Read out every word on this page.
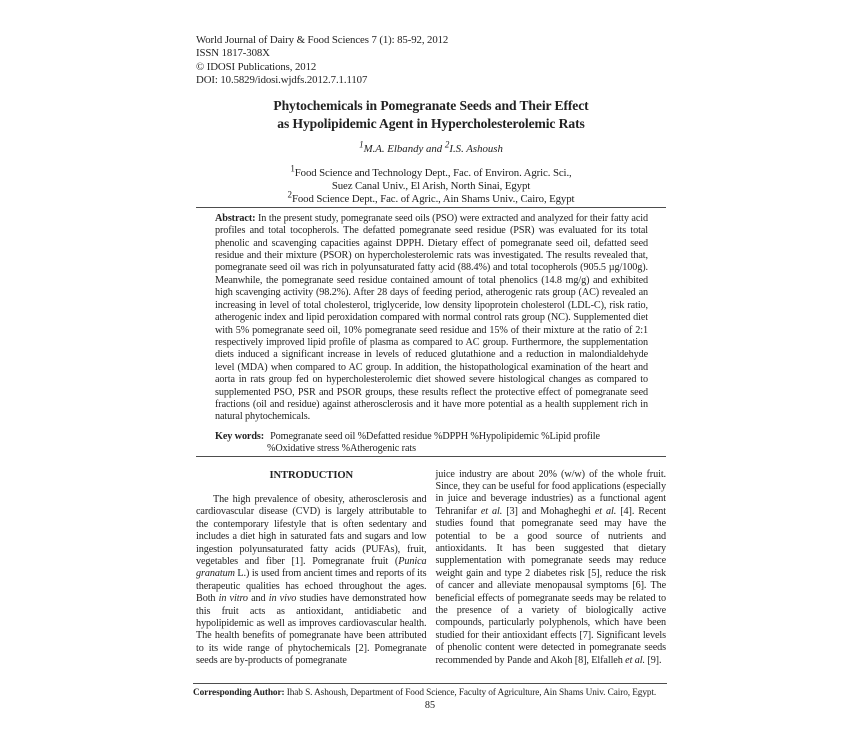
World Journal of Dairy & Food Sciences 7 (1): 85-92, 2012
ISSN 1817-308X
© IDOSI Publications, 2012
DOI: 10.5829/idosi.wjdfs.2012.7.1.1107
Phytochemicals in Pomegranate Seeds and Their Effect
as Hypolipidemic Agent in Hypercholesterolemic Rats
$^1$M.A. Elbandy and $^2$I.S. Ashoush
$^1$Food Science and Technology Dept., Fac. of Environ. Agric. Sci.,
Suez Canal Univ., El Arish, North Sinai, Egypt
$^2$Food Science Dept., Fac. of Agric., Ain Shams Univ., Cairo, Egypt

Abstract: In the present study, pomegranate seed oils (PSO) were extracted and analyzed for their fatty acid profiles and total tocopherols. The defatted pomegranate seed residue (PSR) was evaluated for its total phenolic and scavenging capacities against DPPH. Dietary effect of pomegranate seed oil, defatted seed residue and their mixture (PSOR) on hypercholesterolemic rats was investigated. The results revealed that, pomegranate seed oil was rich in polyunsaturated fatty acid (88.4%) and total tocopherols (905.5 µg/100g). Meanwhile, the pomegranate seed residue contained amount of total phenolics (14.8 mg/g) and exhibited high scavenging activity (98.2%). After 28 days of feeding period, atherogenic rats group (AC) revealed an increasing in level of total cholesterol, triglyceride, low density lipoprotein cholesterol (LDL-C), risk ratio, atherogenic index and lipid peroxidation compared with normal control rats group (NC). Supplemented diet with 5% pomegranate seed oil, 10% pomegranate seed residue and 15% of their mixture at the ratio of 2:1 respectively improved lipid profile of plasma as compared to AC group. Furthermore, the supplementation diets induced a significant increase in levels of reduced glutathione and a reduction in malondialdehyde level (MDA) when compared to AC group. In addition, the histopathological examination of the heart and aorta in rats group fed on hypercholesterolemic diet showed severe histological changes as compared to supplemented PSO, PSR and PSOR groups, these results reflect the protective effect of pomegranate seed fractions (oil and residue) against atherosclerosis and it have more potential as a health supplement rich in natural phytochemicals.

Key words: Pomegranate seed oil %Defatted residue %DPPH %Hypolipidemic %Lipid profile %Oxidative stress %Atherogenic rats
INTRODUCTION

The high prevalence of obesity, atherosclerosis and cardiovascular disease (CVD) is largely attributable to the contemporary lifestyle that is often sedentary and includes a diet high in saturated fats and sugars and low ingestion polyunsaturated fatty acids (PUFAs), fruit, vegetables and fiber [1]. Pomegranate fruit (Punica granatum L.) is used from ancient times and reports of its therapeutic qualities has echoed throughout the ages. Both in vitro and in vivo studies have demonstrated how this fruit acts as antioxidant, antidiabetic and hypolipidemic as well as improves cardiovascular health. The health benefits of pomegranate have been attributed to its wide range of phytochemicals [2]. Pomegranate seeds are by-products of pomegranate

juice industry are about 20% (w/w) of the whole fruit. Since, they can be useful for food applications (especially in juice and beverage industries) as a functional agent Tehranifar et al. [3] and Mohagheghi et al. [4]. Recent studies found that pomegranate seed may have the potential to be a good source of nutrients and antioxidants. It has been suggested that dietary supplementation with pomegranate seeds may reduce weight gain and type 2 diabetes risk [5], reduce the risk of cancer and alleviate menopausal symptoms [6]. The beneficial effects of pomegranate seeds may be related to the presence of a variety of biologically active compounds, particularly polyphenols, which have been studied for their antioxidant effects [7]. Significant levels of phenolic content were detected in pomegranate seeds recommended by Pande and Akoh [8], Elfalleh et al. [9].

Corresponding Author: Ihab S. Ashoush, Department of Food Science, Faculty of Agriculture, Ain Shams Univ. Cairo, Egypt.
85
